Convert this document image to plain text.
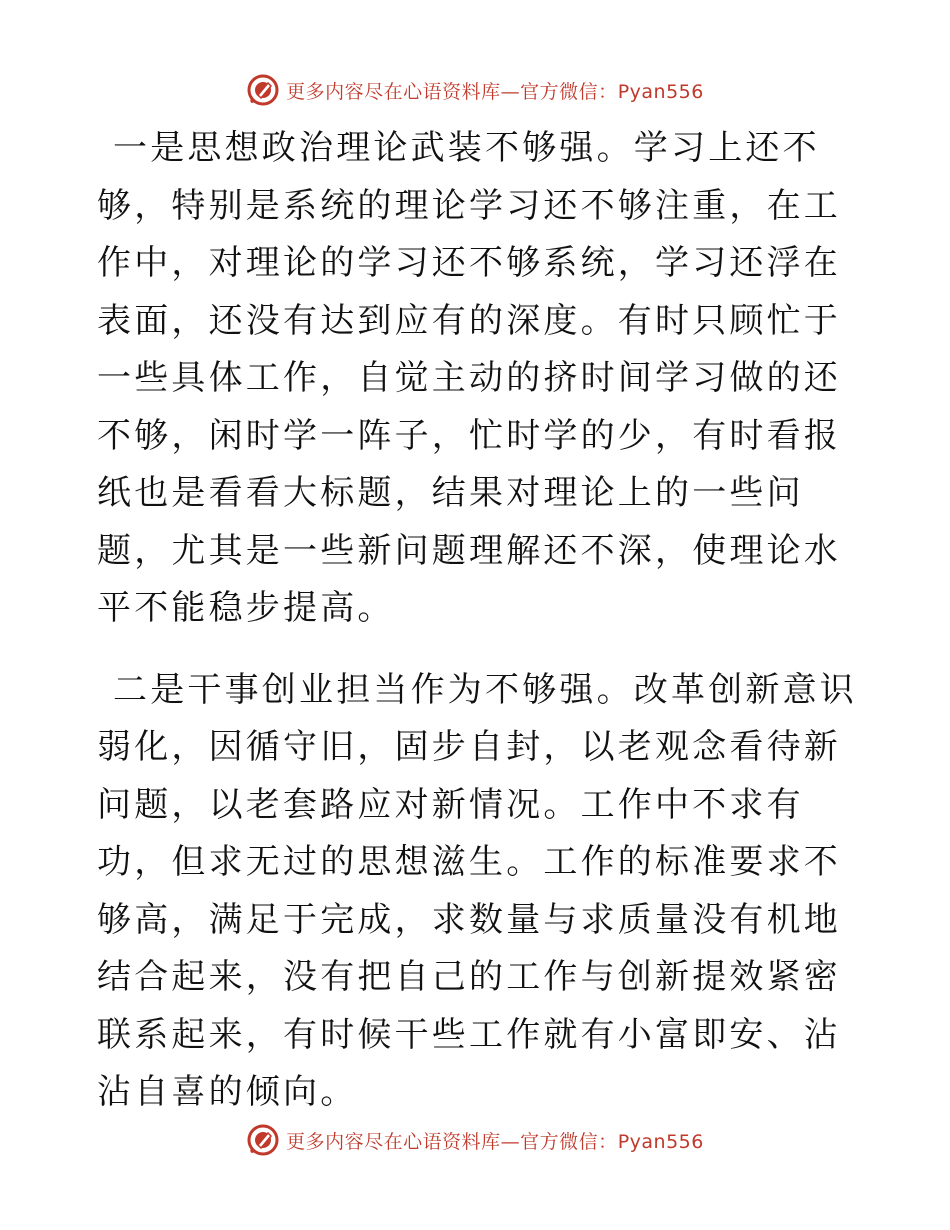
更多内容尽在心语资料库—官方微信：Pyan556

一是思想政治理论武装不够强。学习上还不够，特别是系统的理论学习还不够注重，在工作中，对理论的学习还不够系统，学习还浮在表面，还没有达到应有的深度。有时只顾忙于一些具体工作，自觉主动的挤时间学习做的还不够，闲时学一阵子，忙时学的少，有时看报纸也是看看大标题，结果对理论上的一些问题，尤其是一些新问题理解还不深，使理论水平不能稳步提高。

二是干事创业担当作为不够强。改革创新意识弱化，因循守旧，固步自封，以老观念看待新问题，以老套路应对新情况。工作中不求有功，但求无过的思想滋生。工作的标准要求不够高，满足于完成，求数量与求质量没有机地结合起来，没有把自己的工作与创新提效紧密联系起来，有时候干些工作就有小富即安、沾沾自喜的倾向。

更多内容尽在心语资料库—官方微信：Pyan556
